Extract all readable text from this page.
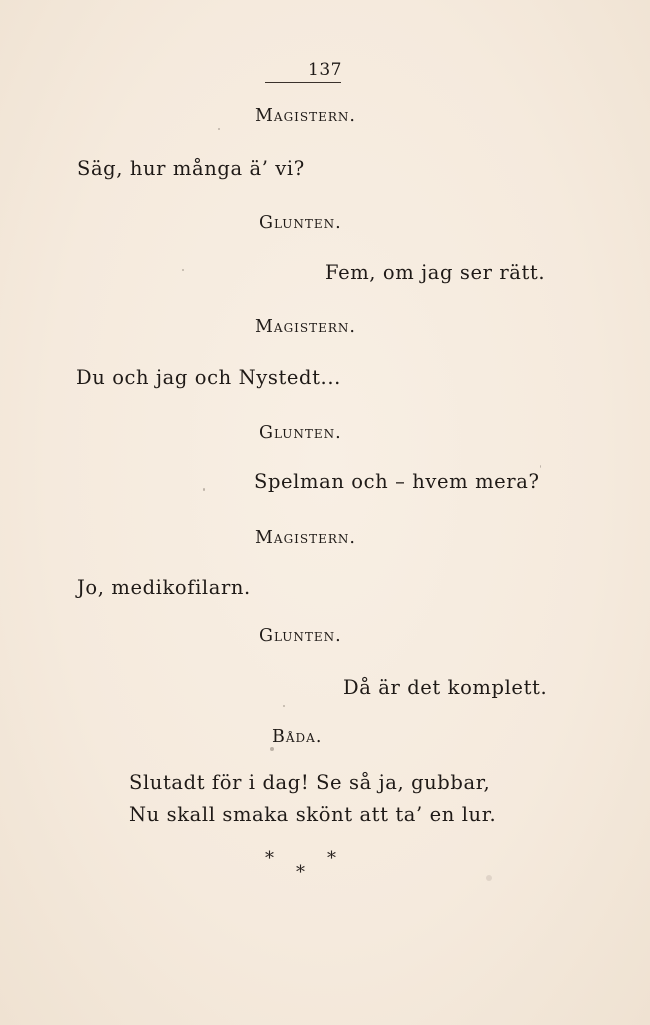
137
Magistern.
Säg, hur många ä’ vi?
Glunten.
Fem, om jag ser rätt.
Magistern.
Du och jag och Nystedt...
Glunten.
Spelman och – hvem mera?
Magistern.
Jo, medikofilarn.
Glunten.
Då är det komplett.
Båda.
Slutadt för i dag! Se så ja, gubbar,
Nu skall smaka skönt att ta’ en lur.
*	*
*
